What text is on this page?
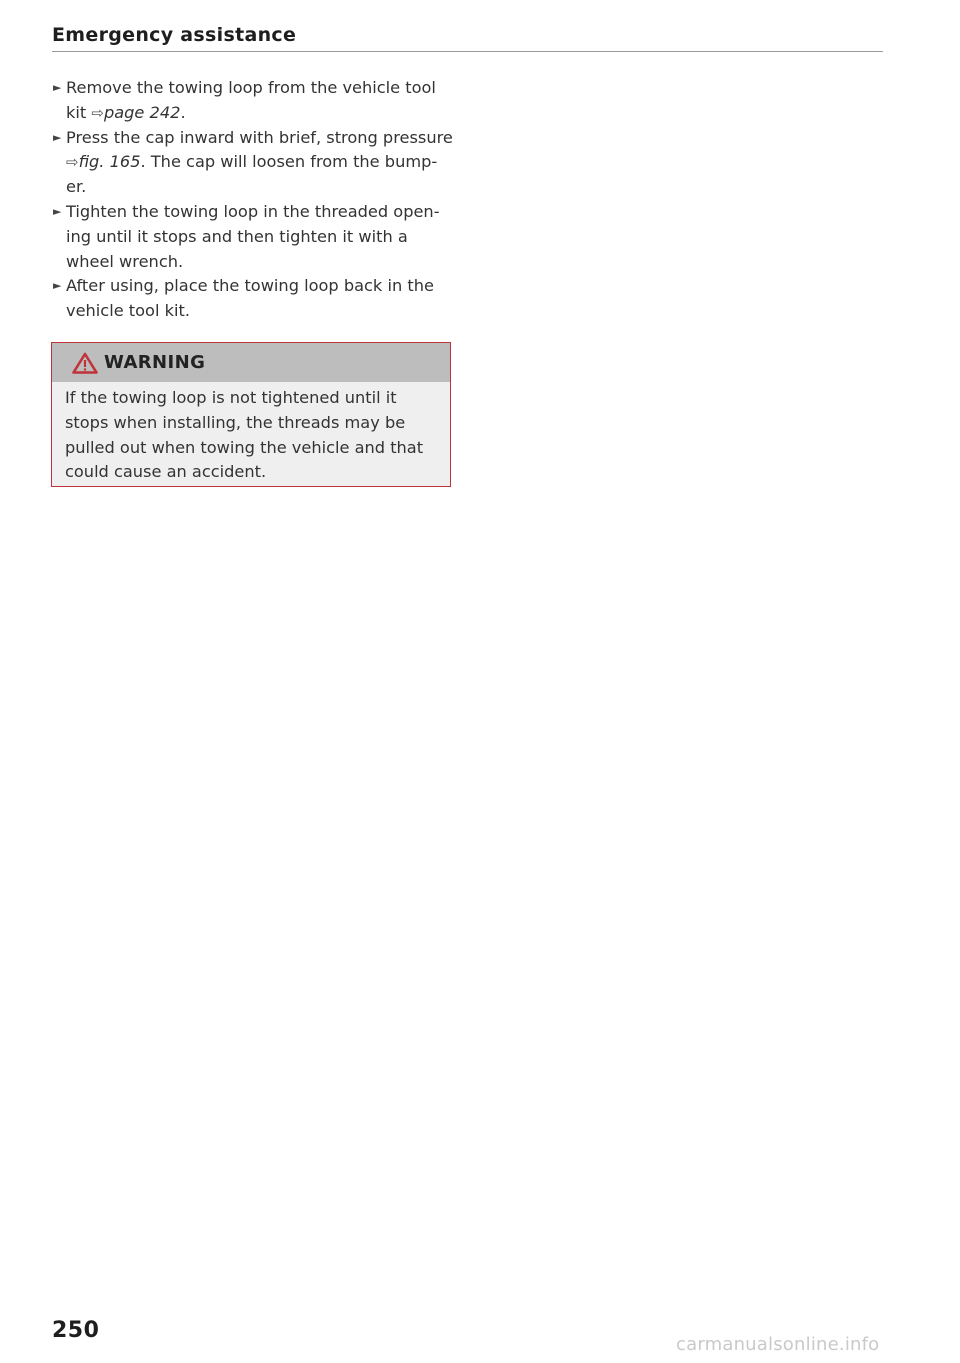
Emergency assistance
► Remove the towing loop from the vehicle tool
kit ⇨page 242.
► Press the cap inward with brief, strong pressure
⇨fig. 165. The cap will loosen from the bump-
er.
► Tighten the towing loop in the threaded open-
ing until it stops and then tighten it with a
wheel wrench.
► After using, place the towing loop back in the
vehicle tool kit.
WARNING
If the towing loop is not tightened until it
stops when installing, the threads may be
pulled out when towing the vehicle and that
could cause an accident.
250
carmanualsonline.info
